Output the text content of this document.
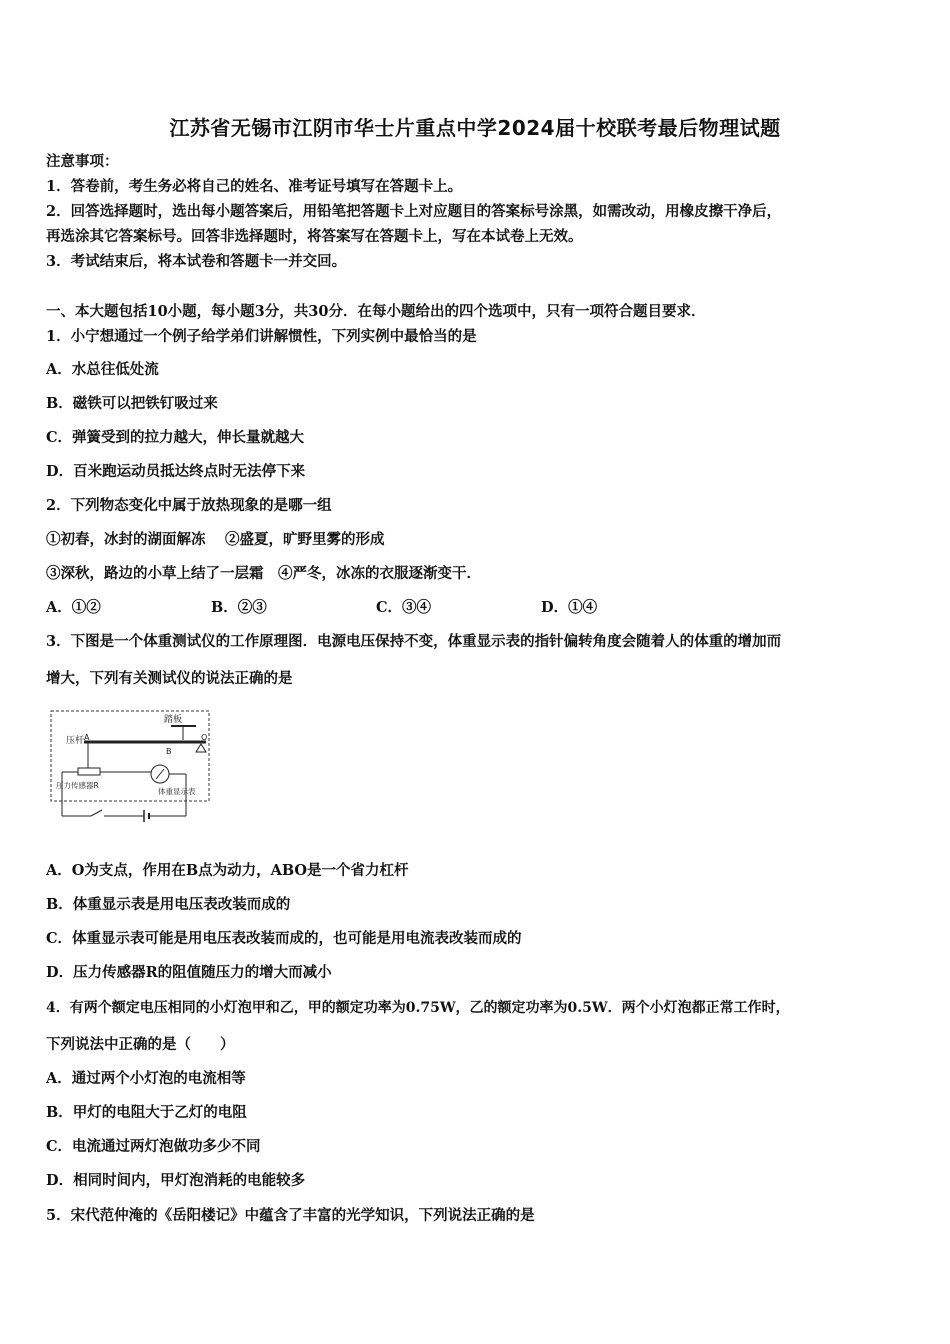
江苏省无锡市江阴市华士片重点中学2024届十校联考最后物理试题
注意事项：
1．答卷前，考生务必将自己的姓名、准考证号填写在答题卡上。
2．回答选择题时，选出每小题答案后，用铅笔把答题卡上对应题目的答案标号涂黑，如需改动，用橡皮擦干净后，
再选涂其它答案标号。回答非选择题时，将答案写在答题卡上，写在本试卷上无效。
3．考试结束后，将本试卷和答题卡一并交回。
一、本大题包括10小题，每小题3分，共30分．在每小题给出的四个选项中，只有一项符合题目要求．
1．小宁想通过一个例子给学弟们讲解惯性，下列实例中最恰当的是
A．水总往低处流
B．磁铁可以把铁钉吸过来
C．弹簧受到的拉力越大，伸长量就越大
D．百米跑运动员抵达终点时无法停下来
2．下列物态变化中属于放热现象的是哪一组
①初春，冰封的湖面解冻　 ②盛夏，旷野里雾的形成
③深秋，路边的小草上结了一层霜　④严冬，冰冻的衣服逐渐变干．
A．①②	B．②③	C．③④	D．①④
3．下图是一个体重测试仪的工作原理图．电源电压保持不变，体重显示表的指针偏转角度会随着人的体重的增加而
增大，下列有关测试仪的说法正确的是
踏板
O
A
B
压杆
压力传感器R
体重显示表
A．O为支点，作用在B点为动力，ABO是一个省力杠杆
B．体重显示表是用电压表改装而成的
C．体重显示表可能是用电压表改装而成的，也可能是用电流表改装而成的
D．压力传感器R的阻值随压力的增大而减小
4．有两个额定电压相同的小灯泡甲和乙，甲的额定功率为0.75W，乙的额定功率为0.5W．两个小灯泡都正常工作时，
下列说法中正确的是（　　）
A．通过两个小灯泡的电流相等
B．甲灯的电阻大于乙灯的电阻
C．电流通过两灯泡做功多少不同
D．相同时间内，甲灯泡消耗的电能较多
5．宋代范仲淹的《岳阳楼记》中蕴含了丰富的光学知识，下列说法正确的是
